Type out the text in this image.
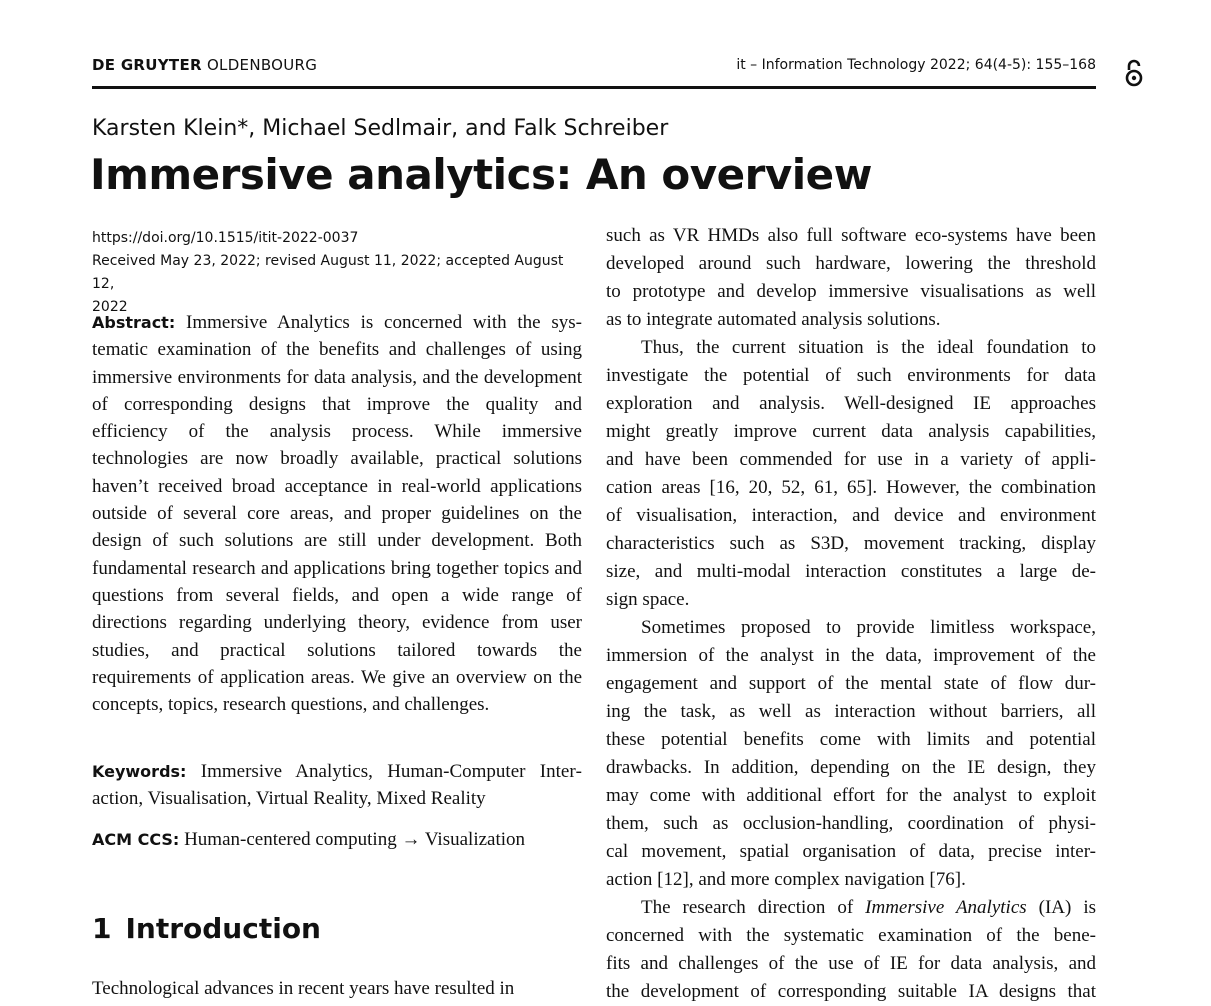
DE GRUYTER OLDENBOURG	it – Information Technology 2022; 64(4-5): 155–168
Karsten Klein*, Michael Sedlmair, and Falk Schreiber
Immersive analytics: An overview
https://doi.org/10.1515/itit-2022-0037
Received May 23, 2022; revised August 11, 2022; accepted August 12,
2022

Abstract: Immersive Analytics is concerned with the systematic examination of the benefits and challenges of using immersive environments for data analysis, and the development of corresponding designs that improve the quality and efficiency of the analysis process. While immersive technologies are now broadly available, practical solutions haven’t received broad acceptance in real-world applications outside of several core areas, and proper guidelines on the design of such solutions are still under development. Both fundamental research and applications bring together topics and questions from several fields, and open a wide range of directions regarding underlying theory, evidence from user studies, and practical solutions tailored towards the requirements of application areas. We give an overview on the concepts, topics, research questions, and challenges.

Keywords: Immersive Analytics, Human-Computer Interaction, Visualisation, Virtual Reality, Mixed Reality

ACM CCS: Human-centered computing → Visualization
1 Introduction
Technological advances in recent years have resulted in
such as VR HMDs also full software eco-systems have been
developed around such hardware, lowering the threshold
to prototype and develop immersive visualisations as well
as to integrate automated analysis solutions.
Thus, the current situation is the ideal foundation to
investigate the potential of such environments for data
exploration and analysis. Well-designed IE approaches
might greatly improve current data analysis capabilities,
and have been commended for use in a variety of appli-
cation areas [16, 20, 52, 61, 65]. However, the combination
of visualisation, interaction, and device and environment
characteristics such as S3D, movement tracking, display
size, and multi-modal interaction constitutes a large de-
sign space.
Sometimes proposed to provide limitless workspace,
immersion of the analyst in the data, improvement of the
engagement and support of the mental state of flow dur-
ing the task, as well as interaction without barriers, all
these potential benefits come with limits and potential
drawbacks. In addition, depending on the IE design, they
may come with additional effort for the analyst to exploit
them, such as occlusion-handling, coordination of physi-
cal movement, spatial organisation of data, precise inter-
action [12], and more complex navigation [76].
The research direction of Immersive Analytics (IA) is
concerned with the systematic examination of the bene-
fits and challenges of the use of IE for data analysis, and
the development of corresponding suitable IA designs that
